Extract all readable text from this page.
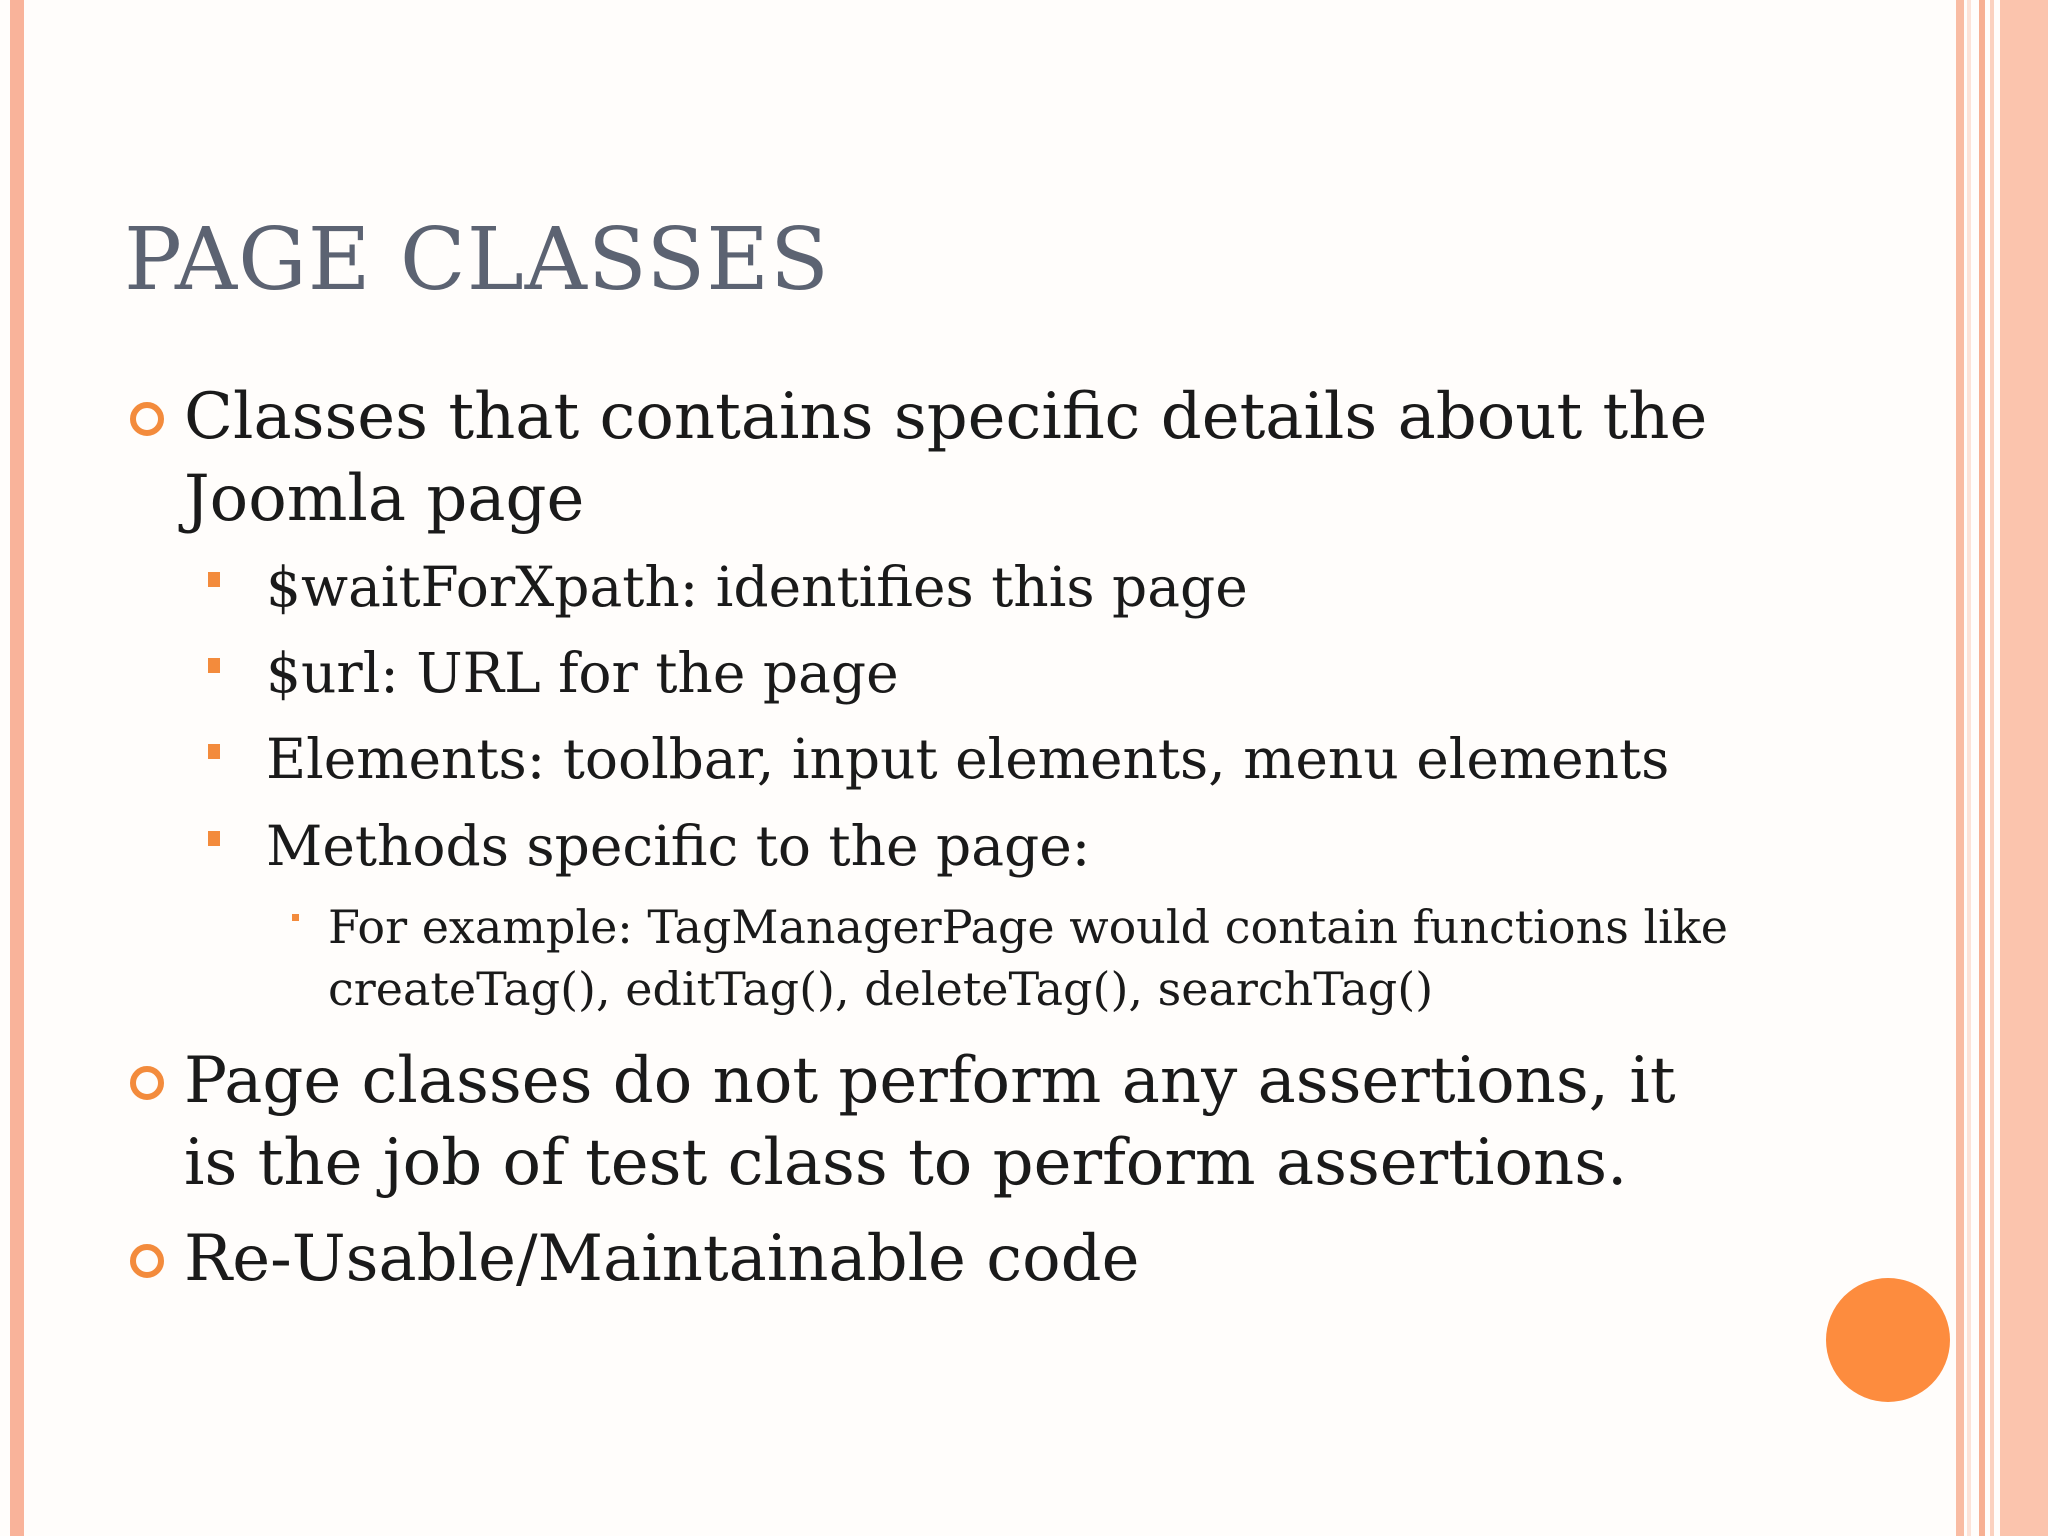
PAGE CLASSES
Classes that contains specific details about the Joomla page
$waitForXpath: identifies this page
$url: URL for the page
Elements: toolbar, input elements, menu elements
Methods specific to the page:
For example: TagManagerPage would contain functions like createTag(), editTag(), deleteTag(), searchTag()
Page classes do not perform any assertions, it is the job of test class to perform assertions.
Re-Usable/Maintainable code
